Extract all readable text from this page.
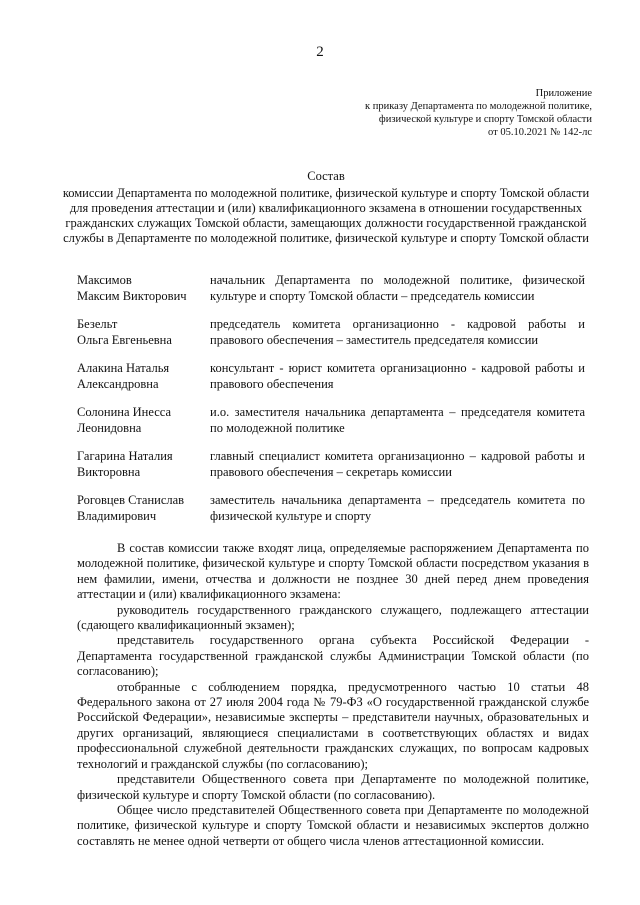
2
Приложение
к приказу Департамента по молодежной политике,
физической культуре и спорту Томской области
от 05.10.2021 № 142-лс
Состав
комиссии Департамента по молодежной политике, физической культуре и спорту Томской области для проведения аттестации и (или) квалификационного экзамена в отношении государственных гражданских служащих Томской области, замещающих должности государственной гражданской службы в Департаменте по молодежной политике, физической культуре и спорту Томской области
Максимов
Максим Викторович
начальник Департамента по молодежной политике, физической культуре и спорту Томской области – председатель комиссии
Безельт
Ольга Евгеньевна
председатель комитета организационно - кадровой работы и правового обеспечения – заместитель председателя комиссии
Алакина Наталья
Александровна
консультант - юрист комитета организационно - кадровой работы и правового обеспечения
Солонина Инесса
Леонидовна
и.о. заместителя начальника департамента – председателя комитета по молодежной политике
Гагарина Наталия
Викторовна
главный специалист комитета организационно – кадровой работы и правового обеспечения – секретарь комиссии
Роговцев Станислав
Владимирович
заместитель начальника департамента – председатель комитета по физической культуре и спорту

В состав комиссии также входят лица, определяемые распоряжением Департамента по молодежной политике, физической культуре и спорту Томской области посредством указания в нем фамилии, имени, отчества и должности не позднее 30 дней перед днем проведения аттестации и (или) квалификационного экзамена:

руководитель государственного гражданского служащего, подлежащего аттестации (сдающего квалификационный экзамен);

представитель государственного органа субъекта Российской Федерации - Департамента государственной гражданской службы Администрации Томской области (по согласованию);

отобранные с соблюдением порядка, предусмотренного частью 10 статьи 48 Федерального закона от 27 июля 2004 года № 79-ФЗ «О государственной гражданской службе Российской Федерации», независимые эксперты – представители научных, образовательных и других организаций, являющиеся специалистами в соответствующих областях и видах профессиональной служебной деятельности гражданских служащих, по вопросам кадровых технологий и гражданской службы (по согласованию);

представители Общественного совета при Департаменте по молодежной политике, физической культуре и спорту Томской области (по согласованию).

Общее число представителей Общественного совета при Департаменте по молодежной политике, физической культуре и спорту Томской области и независимых экспертов должно составлять не менее одной четверти от общего числа членов аттестационной комиссии.
